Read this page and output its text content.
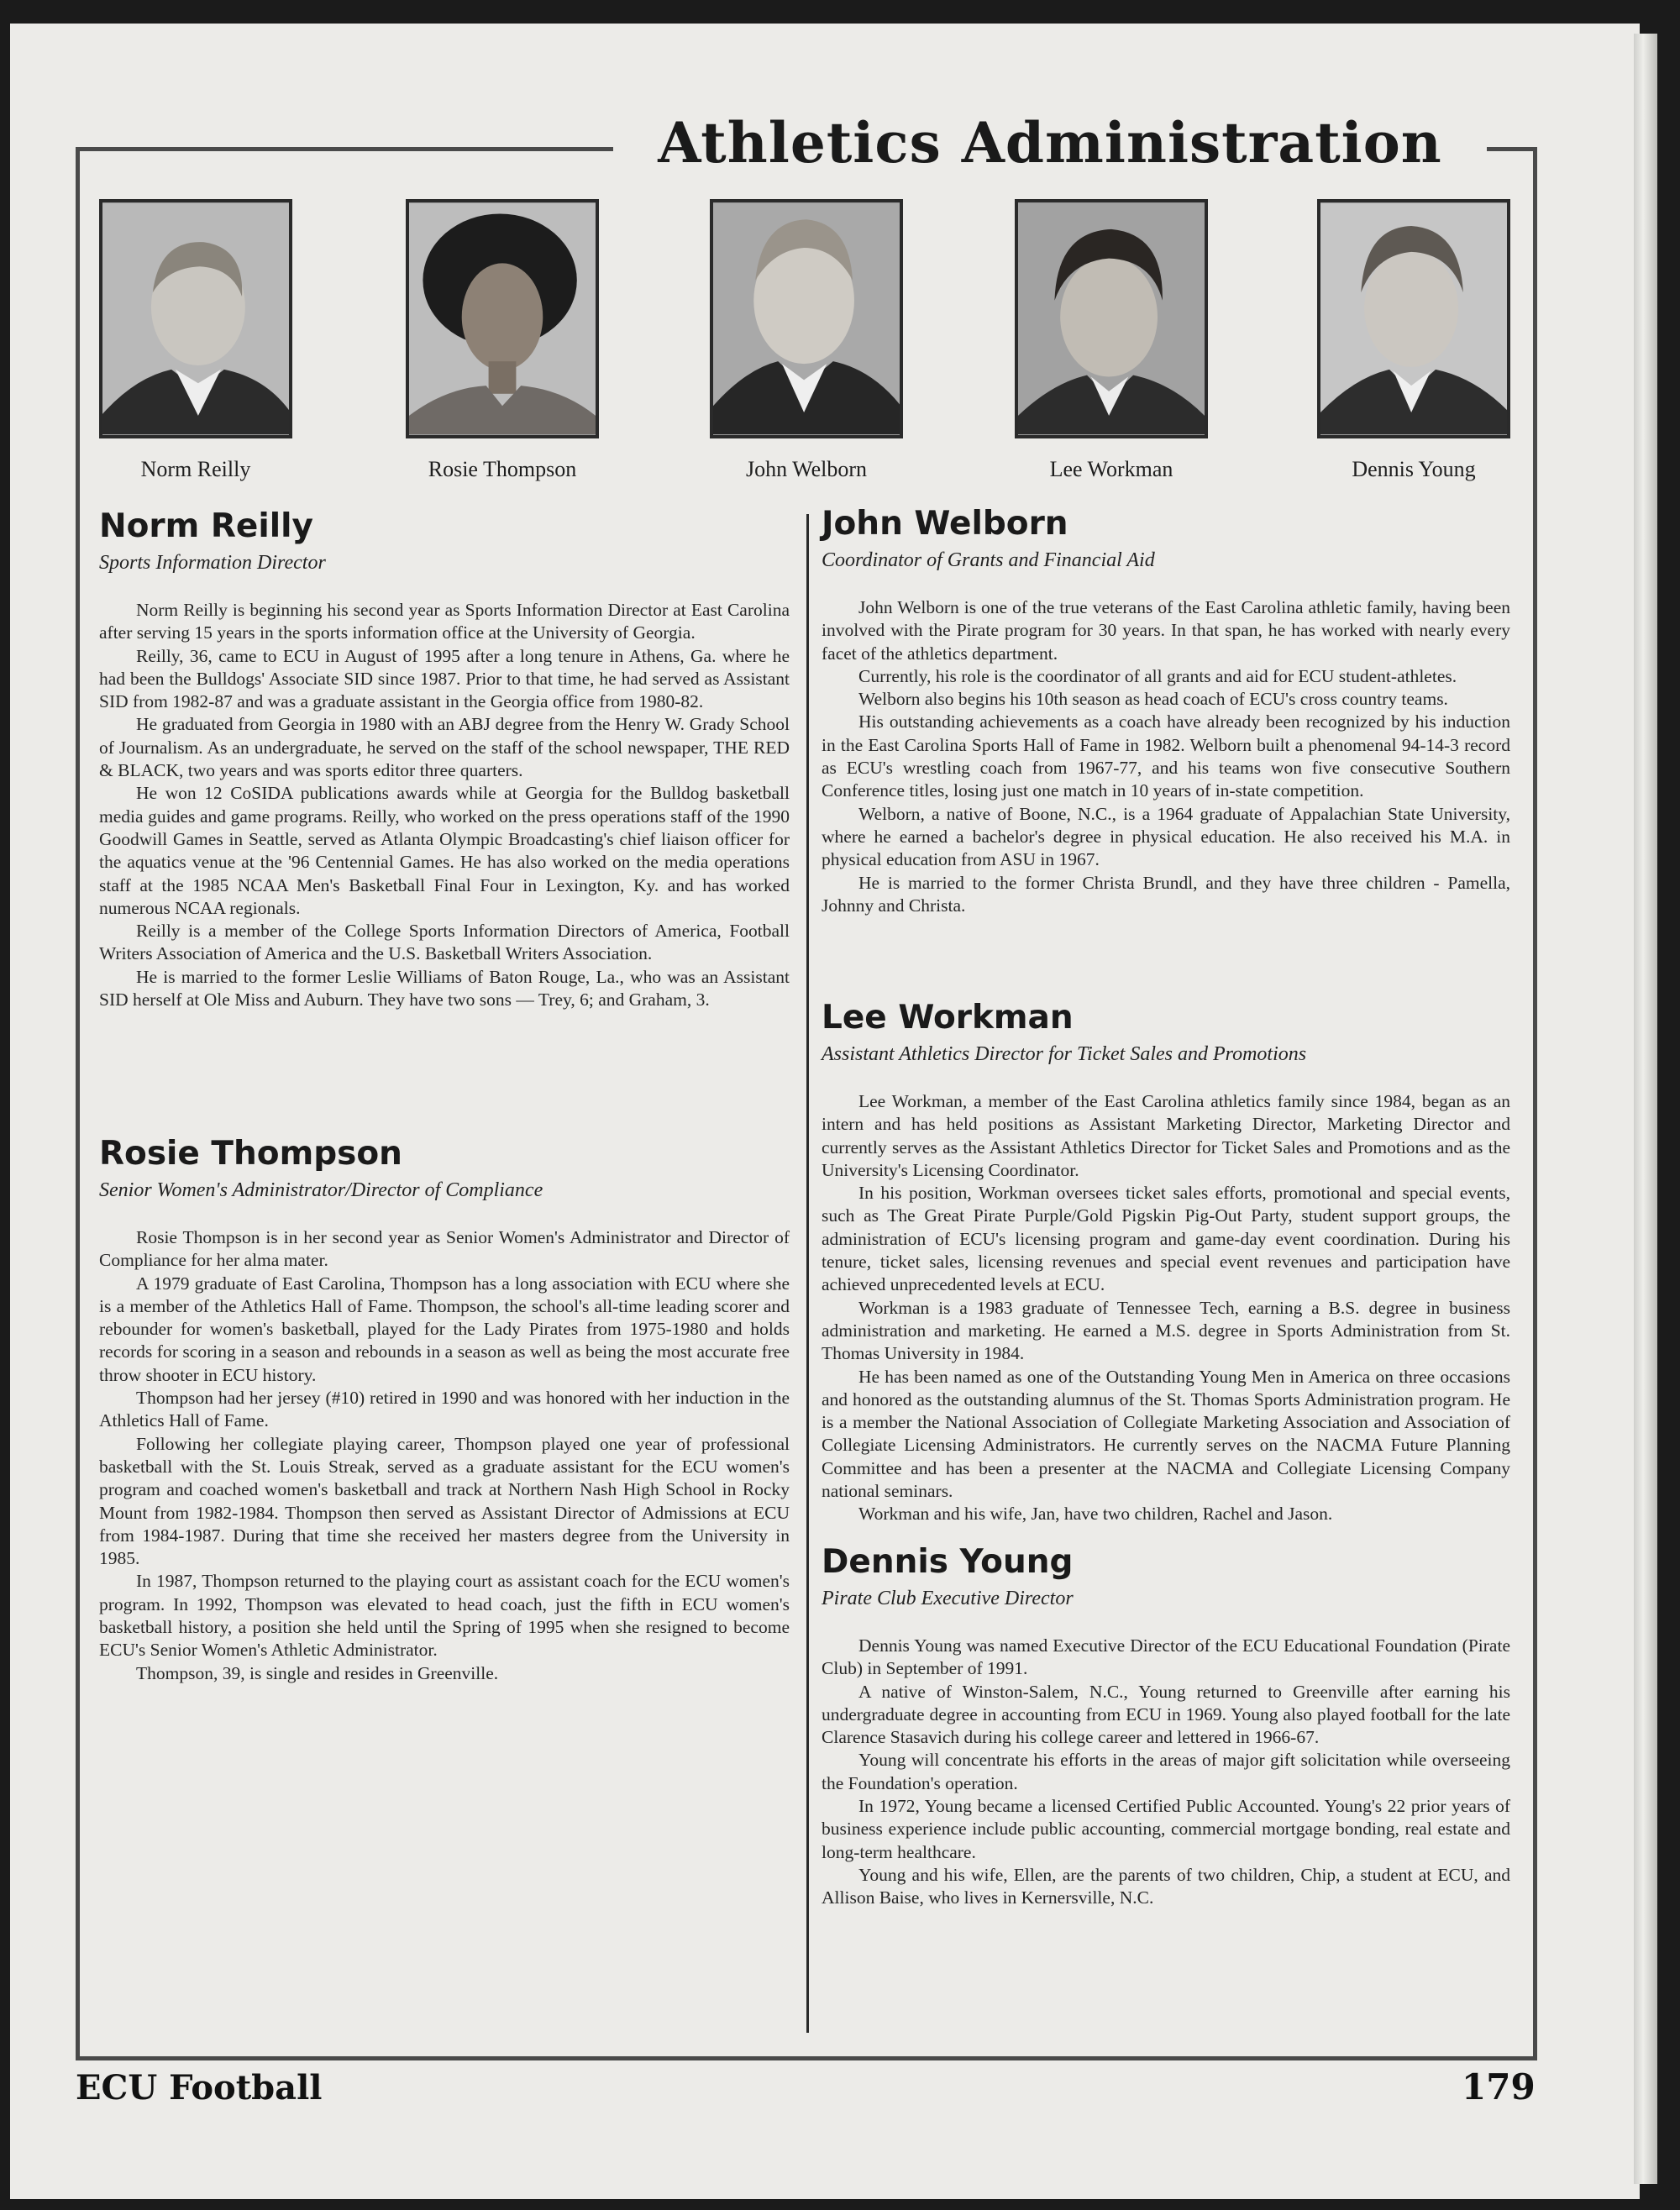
Athletics Administration
Norm Reilly	Rosie Thompson	John Welborn	Lee Workman	Dennis Young
Norm Reilly
Sports Information Director

Norm Reilly is beginning his second year as Sports Information Director at East Carolina after serving 15 years in the sports information office at the University of Georgia.

Reilly, 36, came to ECU in August of 1995 after a long tenure in Athens, Ga. where he had been the Bulldogs' Associate SID since 1987. Prior to that time, he had served as Assistant SID from 1982-87 and was a graduate assistant in the Georgia office from 1980-82.

He graduated from Georgia in 1980 with an ABJ degree from the Henry W. Grady School of Journalism. As an undergraduate, he served on the staff of the school newspaper, THE RED & BLACK, two years and was sports editor three quarters.

He won 12 CoSIDA publications awards while at Georgia for the Bulldog basketball media guides and game programs. Reilly, who worked on the press operations staff of the 1990 Goodwill Games in Seattle, served as Atlanta Olympic Broadcasting's chief liaison officer for the aquatics venue at the '96 Centennial Games. He has also worked on the media operations staff at the 1985 NCAA Men's Basketball Final Four in Lexington, Ky. and has worked numerous NCAA regionals.

Reilly is a member of the College Sports Information Directors of America, Football Writers Association of America and the U.S. Basketball Writers Association.

He is married to the former Leslie Williams of Baton Rouge, La., who was an Assistant SID herself at Ole Miss and Auburn. They have two sons — Trey, 6; and Graham, 3.

Rosie Thompson
Senior Women's Administrator/Director of Compliance

Rosie Thompson is in her second year as Senior Women's Administrator and Director of Compliance for her alma mater.

A 1979 graduate of East Carolina, Thompson has a long association with ECU where she is a member of the Athletics Hall of Fame. Thompson, the school's all-time leading scorer and rebounder for women's basketball, played for the Lady Pirates from 1975-1980 and holds records for scoring in a season and rebounds in a season as well as being the most accurate free throw shooter in ECU history.

Thompson had her jersey (#10) retired in 1990 and was honored with her induction in the Athletics Hall of Fame.

Following her collegiate playing career, Thompson played one year of professional basketball with the St. Louis Streak, served as a graduate assistant for the ECU women's program and coached women's basketball and track at Northern Nash High School in Rocky Mount from 1982-1984. Thompson then served as Assistant Director of Admissions at ECU from 1984-1987. During that time she received her masters degree from the University in 1985.

In 1987, Thompson returned to the playing court as assistant coach for the ECU women's program. In 1992, Thompson was elevated to head coach, just the fifth in ECU women's basketball history, a position she held until the Spring of 1995 when she resigned to become ECU's Senior Women's Athletic Administrator.

Thompson, 39, is single and resides in Greenville.

John Welborn
Coordinator of Grants and Financial Aid

John Welborn is one of the true veterans of the East Carolina athletic family, having been involved with the Pirate program for 30 years. In that span, he has worked with nearly every facet of the athletics department.

Currently, his role is the coordinator of all grants and aid for ECU student-athletes.

Welborn also begins his 10th season as head coach of ECU's cross country teams.

His outstanding achievements as a coach have already been recognized by his induction in the East Carolina Sports Hall of Fame in 1982. Welborn built a phenomenal 94-14-3 record as ECU's wrestling coach from 1967-77, and his teams won five consecutive Southern Conference titles, losing just one match in 10 years of in-state competition.

Welborn, a native of Boone, N.C., is a 1964 graduate of Appalachian State University, where he earned a bachelor's degree in physical education. He also received his M.A. in physical education from ASU in 1967.

He is married to the former Christa Brundl, and they have three children - Pamella, Johnny and Christa.

Lee Workman
Assistant Athletics Director for Ticket Sales and Promotions

Lee Workman, a member of the East Carolina athletics family since 1984, began as an intern and has held positions as Assistant Marketing Director, Marketing Director and currently serves as the Assistant Athletics Director for Ticket Sales and Promotions and as the University's Licensing Coordinator.

In his position, Workman oversees ticket sales efforts, promotional and special events, such as The Great Pirate Purple/Gold Pigskin Pig-Out Party, student support groups, the administration of ECU's licensing program and game-day event coordination. During his tenure, ticket sales, licensing revenues and special event revenues and participation have achieved unprecedented levels at ECU.

Workman is a 1983 graduate of Tennessee Tech, earning a B.S. degree in business administration and marketing. He earned a M.S. degree in Sports Administration from St. Thomas University in 1984.

He has been named as one of the Outstanding Young Men in America on three occasions and honored as the outstanding alumnus of the St. Thomas Sports Administration program. He is a member the National Association of Collegiate Marketing Association and Association of Collegiate Licensing Administrators. He currently serves on the NACMA Future Planning Committee and has been a presenter at the NACMA and Collegiate Licensing Company national seminars.

Workman and his wife, Jan, have two children, Rachel and Jason.

Dennis Young
Pirate Club Executive Director

Dennis Young was named Executive Director of the ECU Educational Foundation (Pirate Club) in September of 1991.

A native of Winston-Salem, N.C., Young returned to Greenville after earning his undergraduate degree in accounting from ECU in 1969. Young also played football for the late Clarence Stasavich during his college career and lettered in 1966-67.

Young will concentrate his efforts in the areas of major gift solicitation while overseeing the Foundation's operation.

In 1972, Young became a licensed Certified Public Accounted. Young's 22 prior years of business experience include public accounting, commercial mortgage bonding, real estate and long-term healthcare.

Young and his wife, Ellen, are the parents of two children, Chip, a student at ECU, and Allison Baise, who lives in Kernersville, N.C.

ECU Football	179
